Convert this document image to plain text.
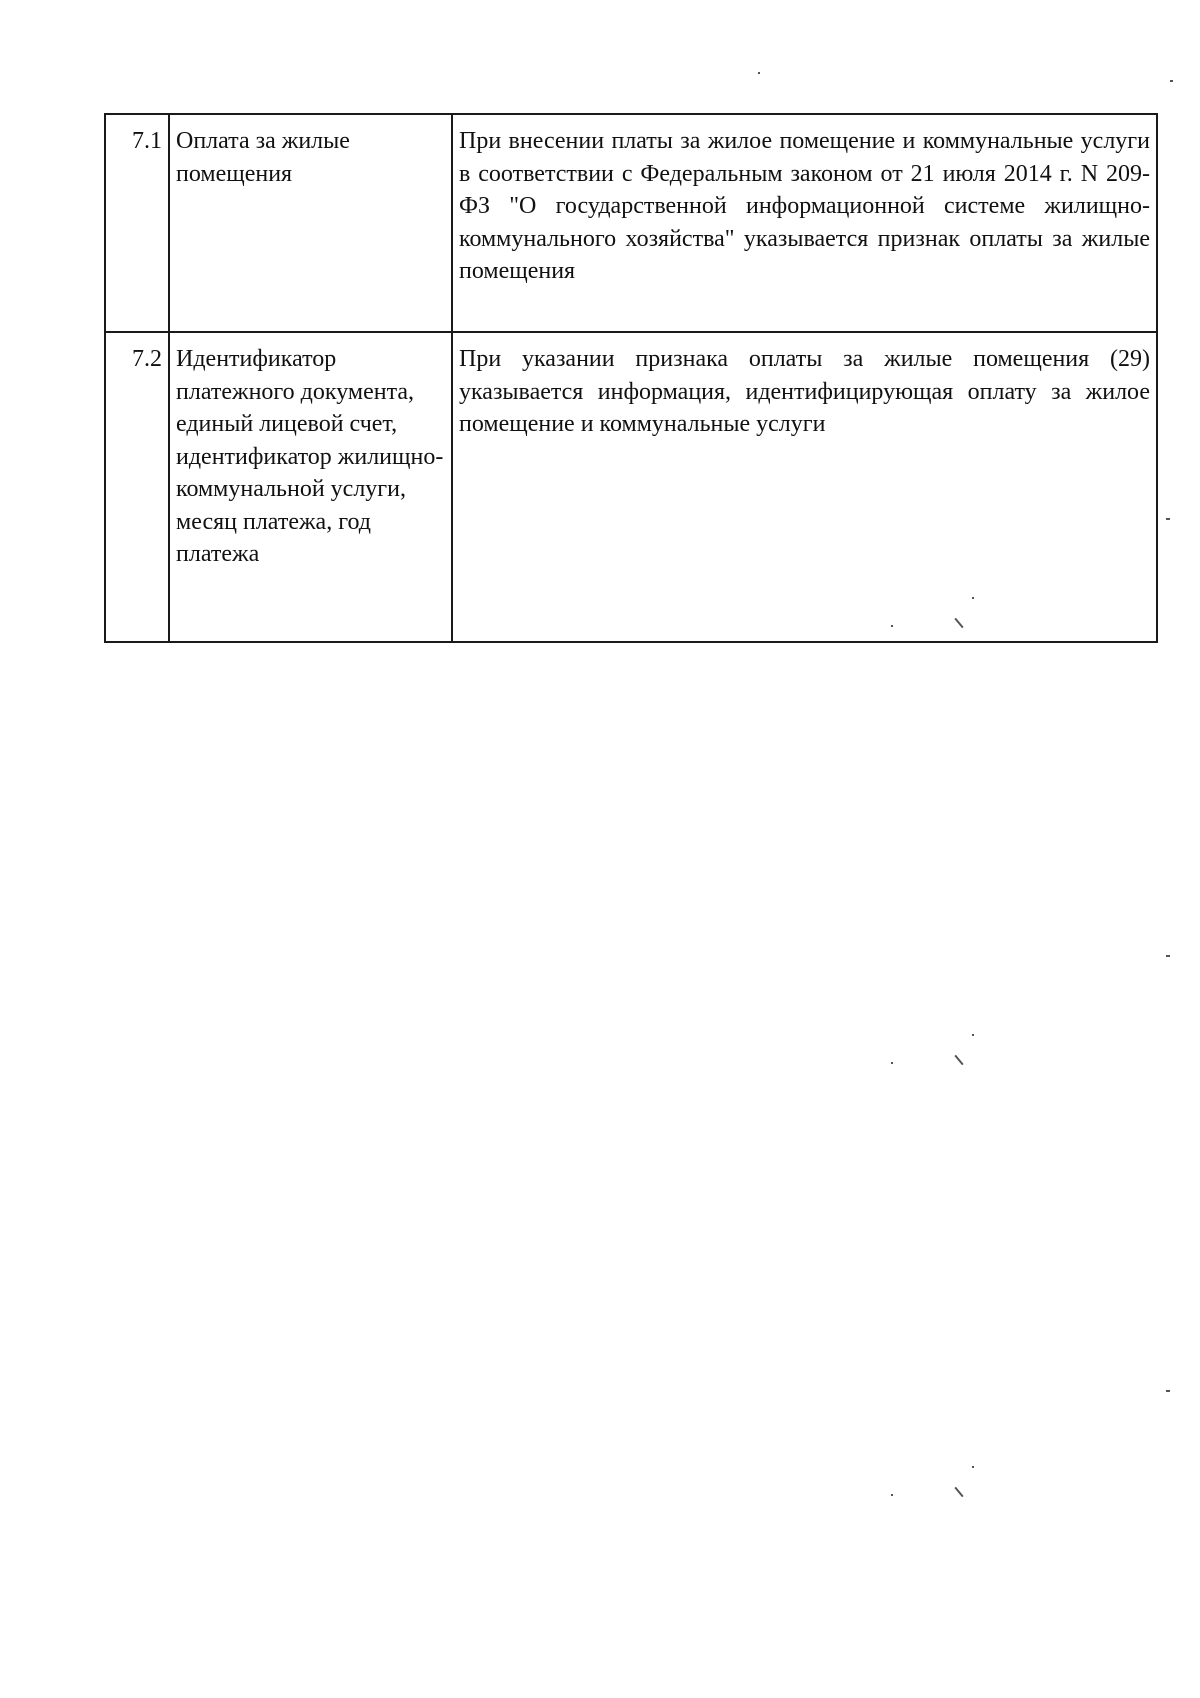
7.1	Оплата за жилые помещения	При внесении платы за жилое помещение и коммунальные услуги в соответствии с Федеральным законом от 21 июля 2014 г. N 209-ФЗ "О государственной информационной системе жилищно-коммунального хозяйства" указывается признак оплаты за жилые помещения
7.2	Идентификатор платежного документа, единый лицевой счет, идентификатор жилищно-коммунальной услуги, месяц платежа, год платежа	При указании признака оплаты за жилые помещения (29) указывается информация, идентифицирующая оплату за жилое помещение и коммунальные услуги
